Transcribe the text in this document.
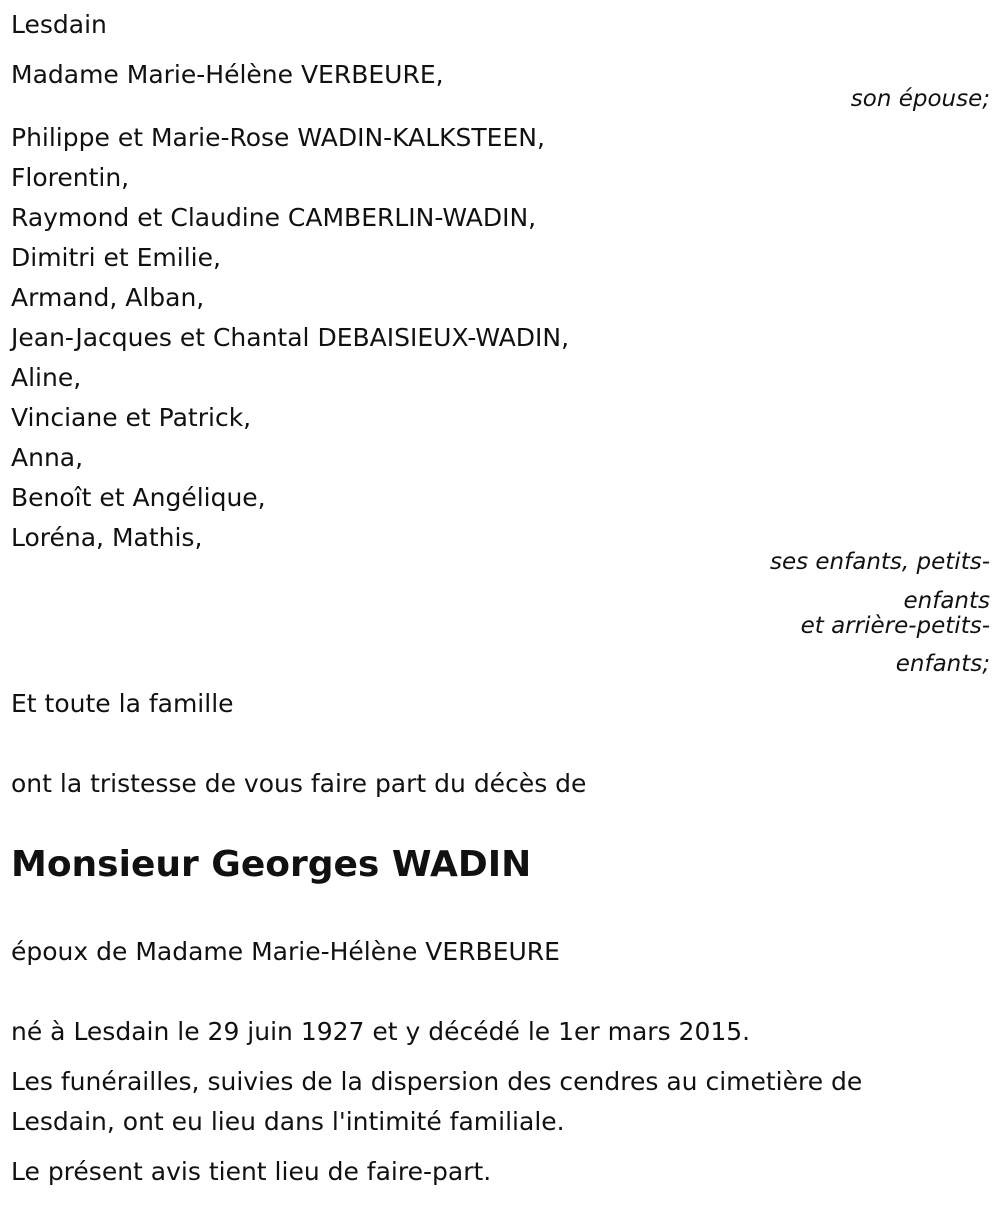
Lesdain
Madame Marie-Hélène VERBEURE,
son épouse;
Philippe et Marie-Rose WADIN-KALKSTEEN,
Florentin,
Raymond et Claudine CAMBERLIN-WADIN,
Dimitri et Emilie,
Armand, Alban,
Jean-Jacques et Chantal DEBAISIEUX-WADIN,
Aline,
Vinciane et Patrick,
Anna,
Benoît et Angélique,
Loréna, Mathis,
ses enfants, petits-
enfants
et arrière-petits-
enfants;
Et toute la famille
ont la tristesse de vous faire part du décès de
Monsieur Georges WADIN
époux de Madame Marie-Hélène VERBEURE
né à Lesdain le 29 juin 1927 et y décédé le 1er mars 2015.
Les funérailles, suivies de la dispersion des cendres au cimetière de
Lesdain, ont eu lieu dans l'intimité familiale.
Le présent avis tient lieu de faire-part.
